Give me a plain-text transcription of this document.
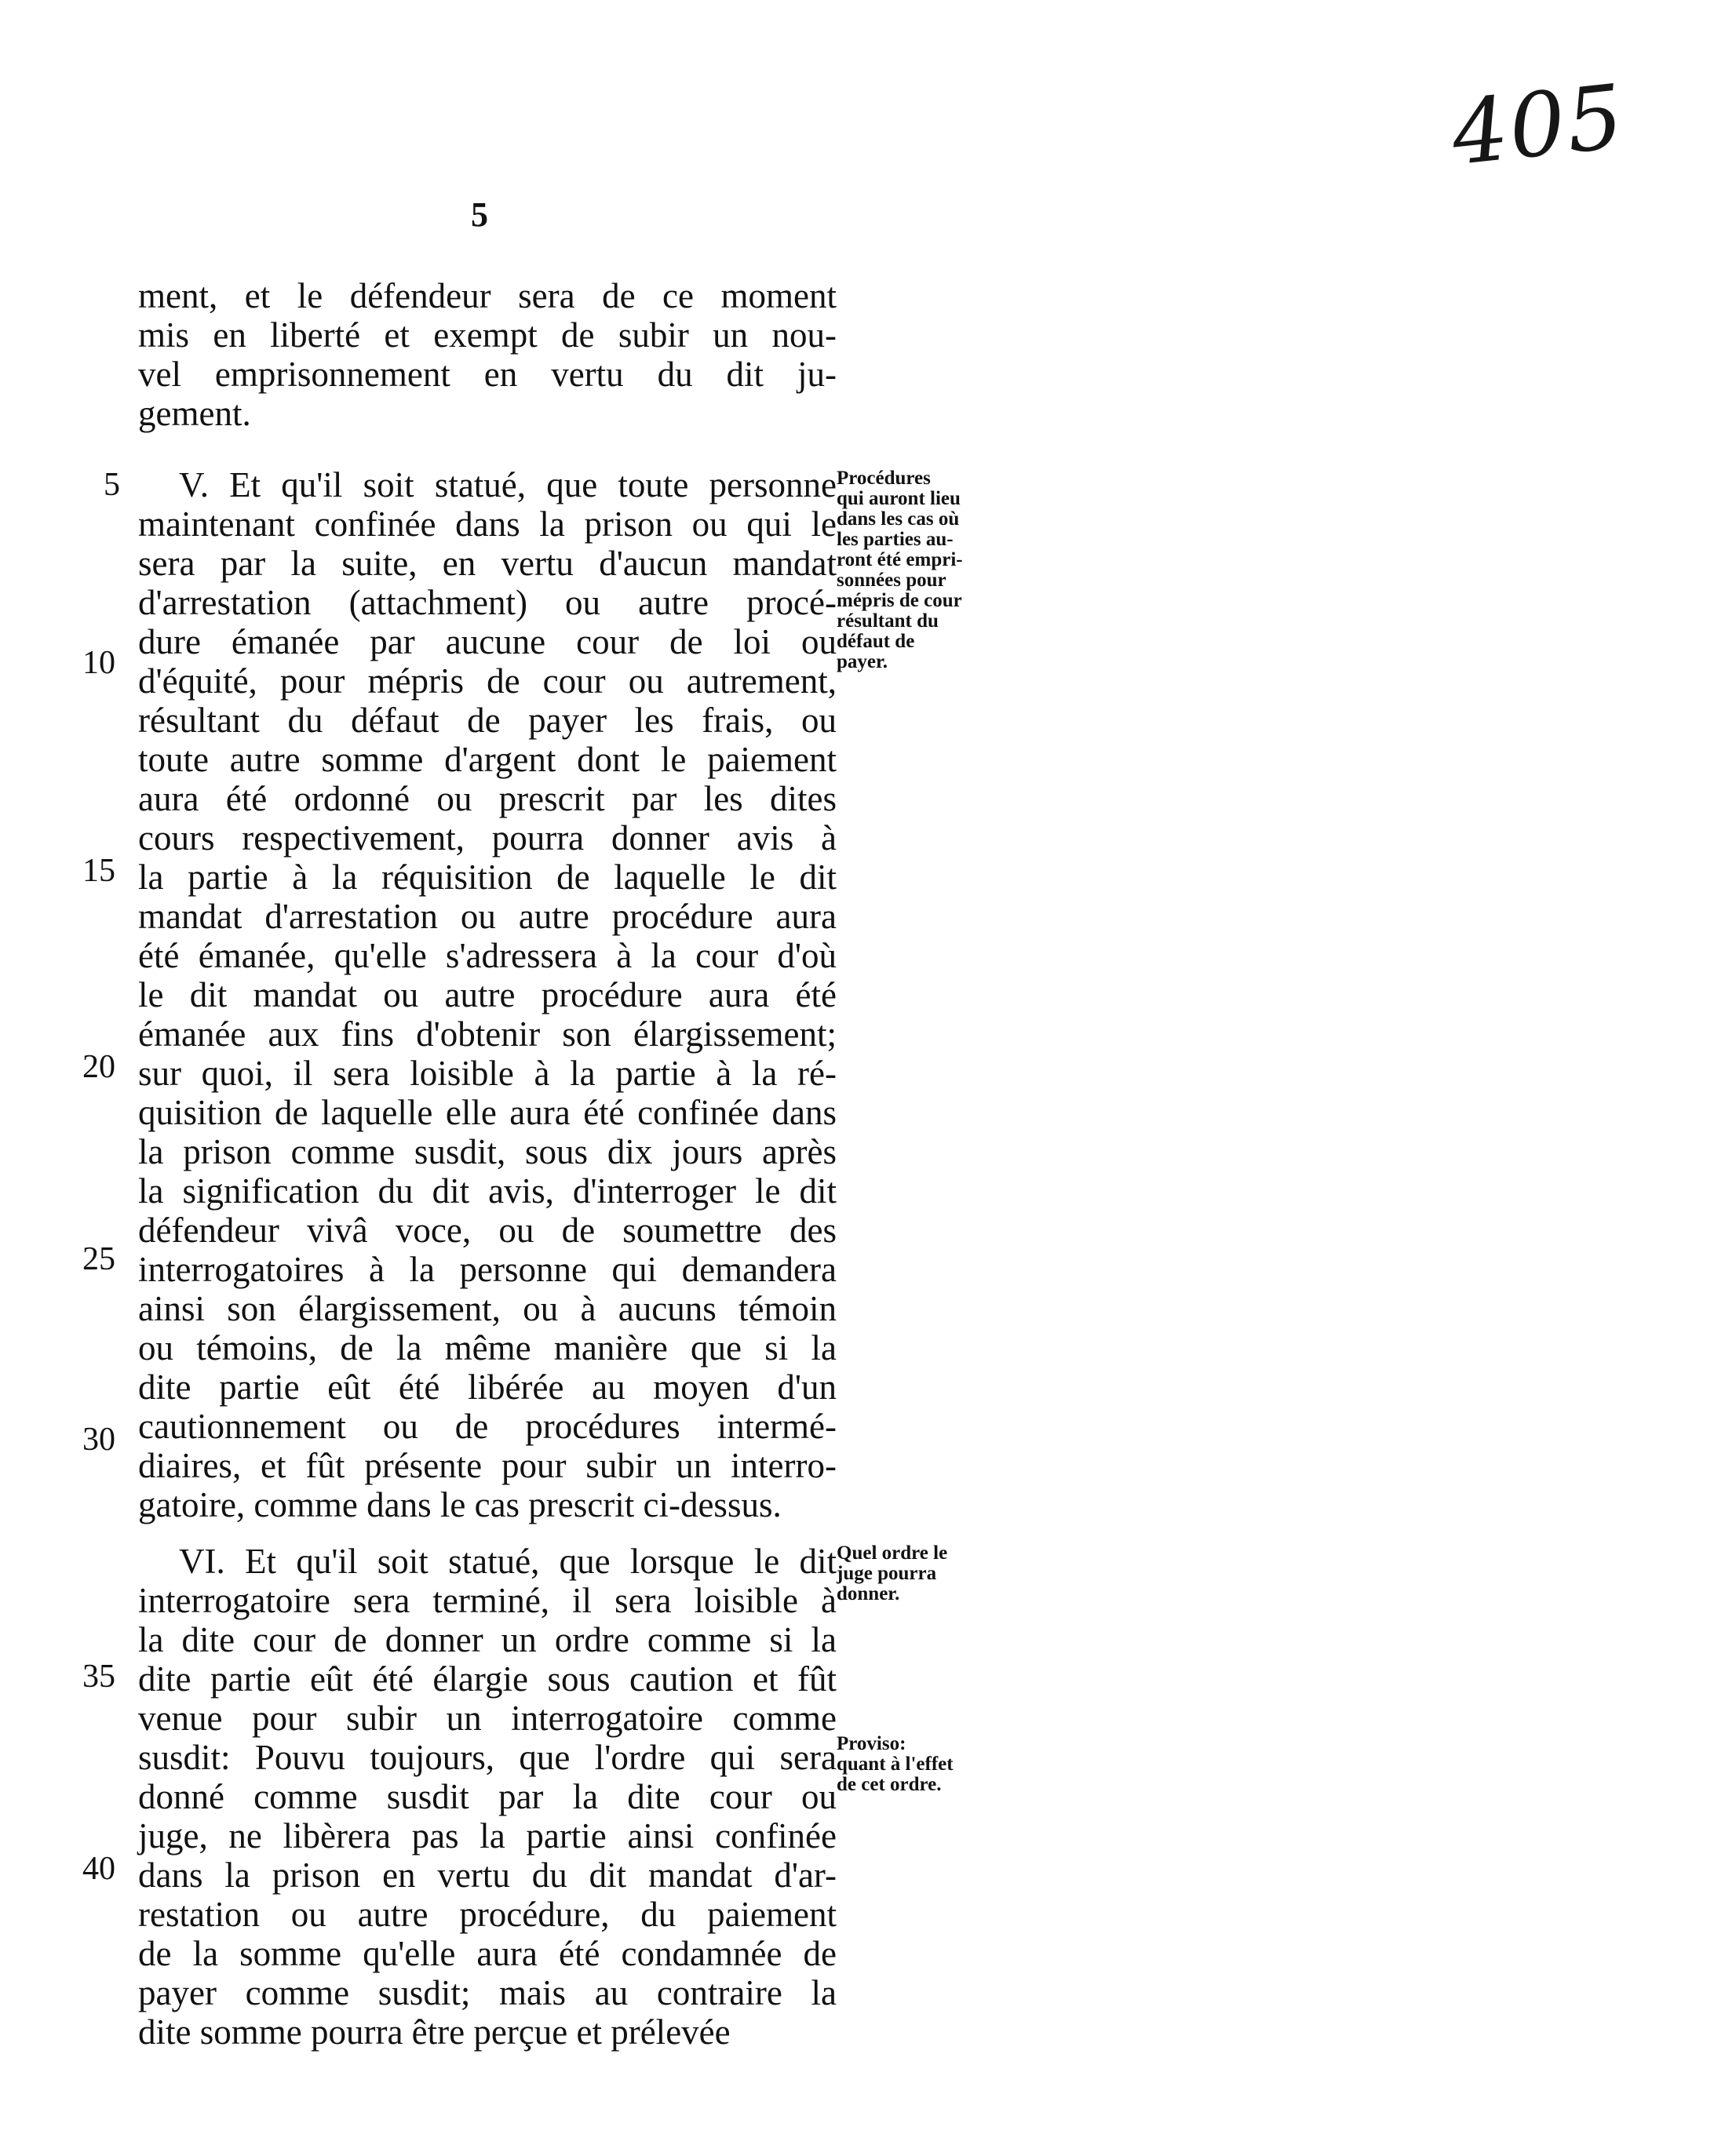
405
5
ment, et le défendeur sera de ce moment
mis en liberté et exempt de subir un nou-
vel emprisonnement en vertu du dit ju-
gement.
V. Et qu'il soit statué, que toute personne
maintenant confinée dans la prison ou qui le
sera par la suite, en vertu d'aucun mandat
d'arrestation (attachment) ou autre procé-
dure émanée par aucune cour de loi ou
d'équité, pour mépris de cour ou autrement,
résultant du défaut de payer les frais, ou
toute autre somme d'argent dont le paiement
aura été ordonné ou prescrit par les dites
cours respectivement, pourra donner avis à
la partie à la réquisition de laquelle le dit
mandat d'arrestation ou autre procédure aura
été émanée, qu'elle s'adressera à la cour d'où
le dit mandat ou autre procédure aura été
émanée aux fins d'obtenir son élargissement;
sur quoi, il sera loisible à la partie à la ré-
quisition de laquelle elle aura été confinée dans
la prison comme susdit, sous dix jours après
la signification du dit avis, d'interroger le dit
défendeur vivâ voce, ou de soumettre des
interrogatoires à la personne qui demandera
ainsi son élargissement, ou à aucuns témoin
ou témoins, de la même manière que si la
dite partie eût été libérée au moyen d'un
cautionnement ou de procédures intermé-
diaires, et fût présente pour subir un interro-
gatoire, comme dans le cas prescrit ci-dessus.
VI. Et qu'il soit statué, que lorsque le dit
interrogatoire sera terminé, il sera loisible à
la dite cour de donner un ordre comme si la
dite partie eût été élargie sous caution et fût
venue pour subir un interrogatoire comme
susdit: Pouvu toujours, que l'ordre qui sera
donné comme susdit par la dite cour ou
juge, ne libèrera pas la partie ainsi confinée
dans la prison en vertu du dit mandat d'ar-
restation ou autre procédure, du paiement
de la somme qu'elle aura été condamnée de
payer comme susdit; mais au contraire la
dite somme pourra être perçue et prélevée
5
10
15
20
25
30
35
40
Procédures
qui auront lieu
dans les cas où
les parties au-
ront été empri-
sonnées pour
mépris de cour
résultant du
défaut de
payer.
Quel ordre le
juge pourra
donner.
Proviso:
quant à l'effet
de cet ordre.
